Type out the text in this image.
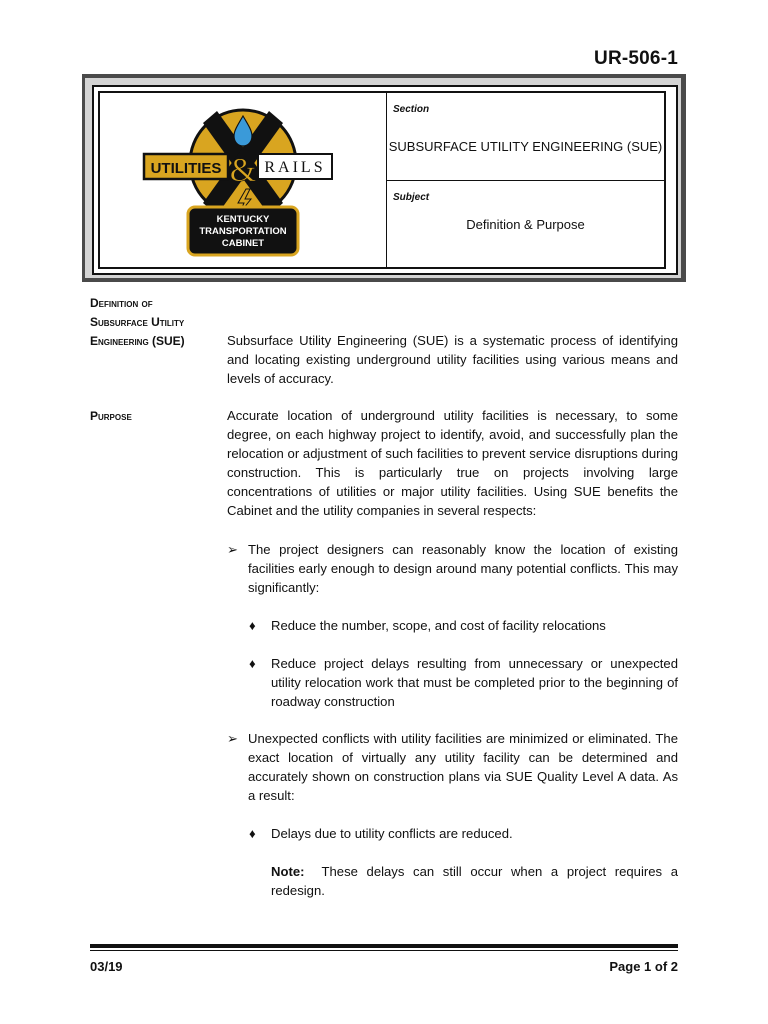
UR-506-1
UTILITIES	RAILS
&
KENTUCKY
TRANSPORTATION
CABINET
Section
SUBSURFACE UTILITY ENGINEERING (SUE)
Subject
Definition & Purpose
Definition of
Subsurface Utility
Engineering (SUE)	Subsurface Utility Engineering (SUE) is a systematic process of identifying and locating existing underground utility facilities using various means and levels of accuracy.
Purpose	Accurate location of underground utility facilities is necessary, to some degree, on each highway project to identify, avoid, and successfully plan the relocation or adjustment of such facilities to prevent service disruptions during construction. This is particularly true on projects involving large concentrations of utilities or major utility facilities. Using SUE benefits the Cabinet and the utility companies in several respects:
➢ The project designers can reasonably know the location of existing facilities early enough to design around many potential conflicts. This may significantly:
♦	Reduce the number, scope, and cost of facility relocations
♦	Reduce project delays resulting from unnecessary or unexpected utility relocation work that must be completed prior to the beginning of roadway construction
➢ Unexpected conflicts with utility facilities are minimized or eliminated. The exact location of virtually any utility facility can be determined and accurately shown on construction plans via SUE Quality Level A data. As a result:
♦	Delays due to utility conflicts are reduced.
Note:  These delays can still occur when a project requires a redesign.
03/19	Page 1 of 2
